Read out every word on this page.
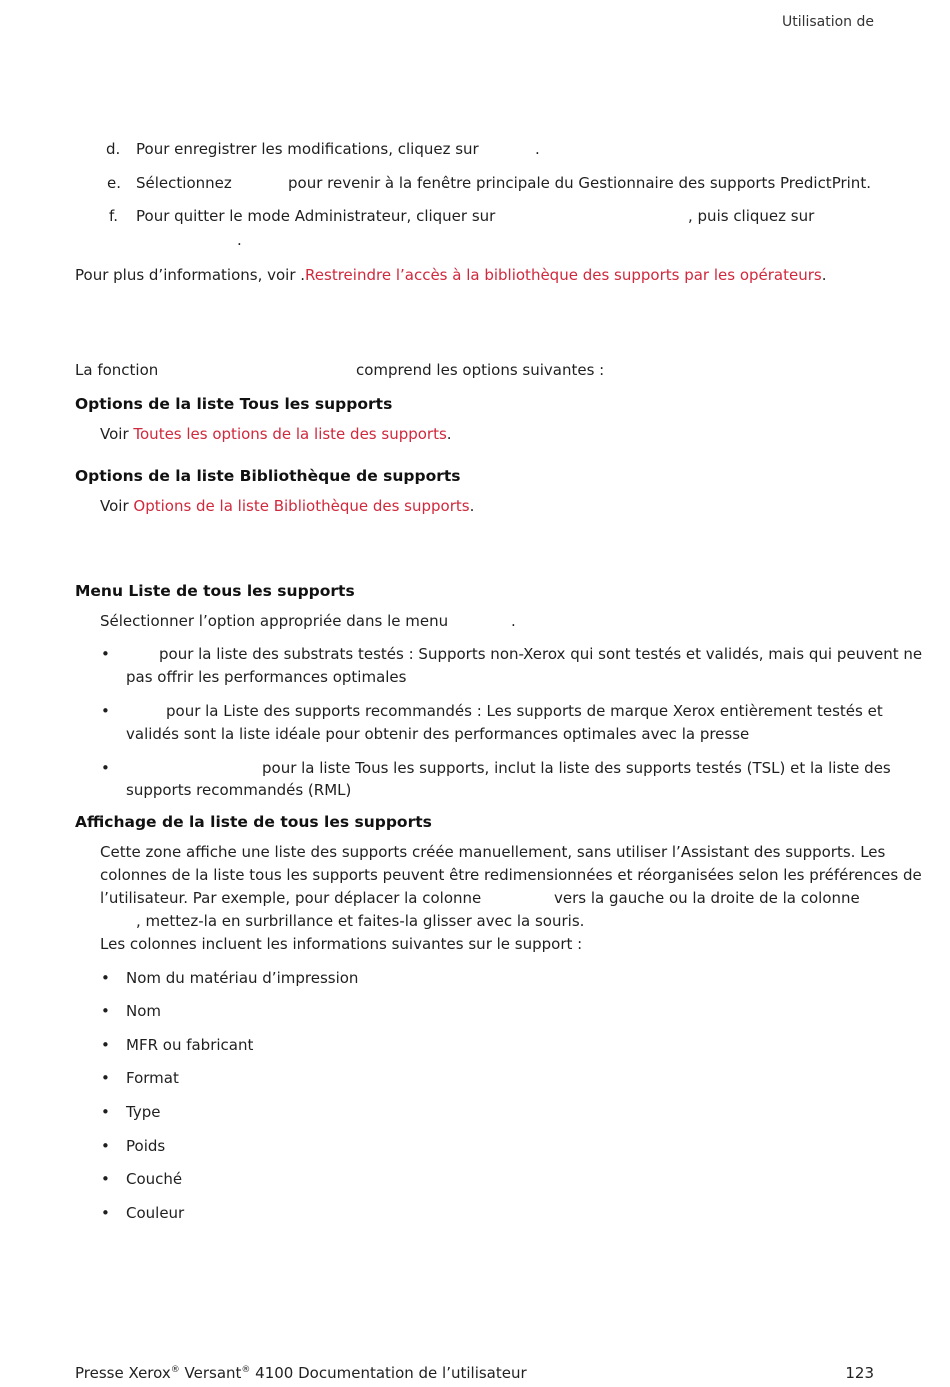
Utilisation de
d. Pour enregistrer les modifications, cliquez sur	.
e. Sélectionnez	pour revenir à la fenêtre principale du Gestionnaire des supports PredictPrint.
f. Pour quitter le mode Administrateur, cliquer sur	, puis cliquez sur
.
Pour plus d’informations, voir .Restreindre l’accès à la bibliothèque des supports par les opérateurs.
La fonction	comprend les options suivantes :
Options de la liste Tous les supports
Voir Toutes les options de la liste des supports.
Options de la liste Bibliothèque de supports
Voir Options de la liste Bibliothèque des supports.
Menu Liste de tous les supports
Sélectionner l’option appropriée dans le menu	.
•	pour la liste des substrats testés : Supports non-Xerox qui sont testés et validés, mais qui peuvent ne
pas offrir les performances optimales
•	pour la Liste des supports recommandés : Les supports de marque Xerox entièrement testés et
validés sont la liste idéale pour obtenir des performances optimales avec la presse
•	pour la liste Tous les supports, inclut la liste des supports testés (TSL) et la liste des
supports recommandés (RML)
Affichage de la liste de tous les supports
Cette zone affiche une liste des supports créée manuellement, sans utiliser l’Assistant des supports. Les
colonnes de la liste tous les supports peuvent être redimensionnées et réorganisées selon les préférences de
l’utilisateur. Par exemple, pour déplacer la colonne	vers la gauche ou la droite de la colonne
, mettez-la en surbrillance et faites-la glisser avec la souris.
Les colonnes incluent les informations suivantes sur le support :
• Nom du matériau d’impression
• Nom
• MFR ou fabricant
• Format
• Type
• Poids
• Couché
• Couleur
Presse Xerox® Versant® 4100 Documentation de l’utilisateur	123
